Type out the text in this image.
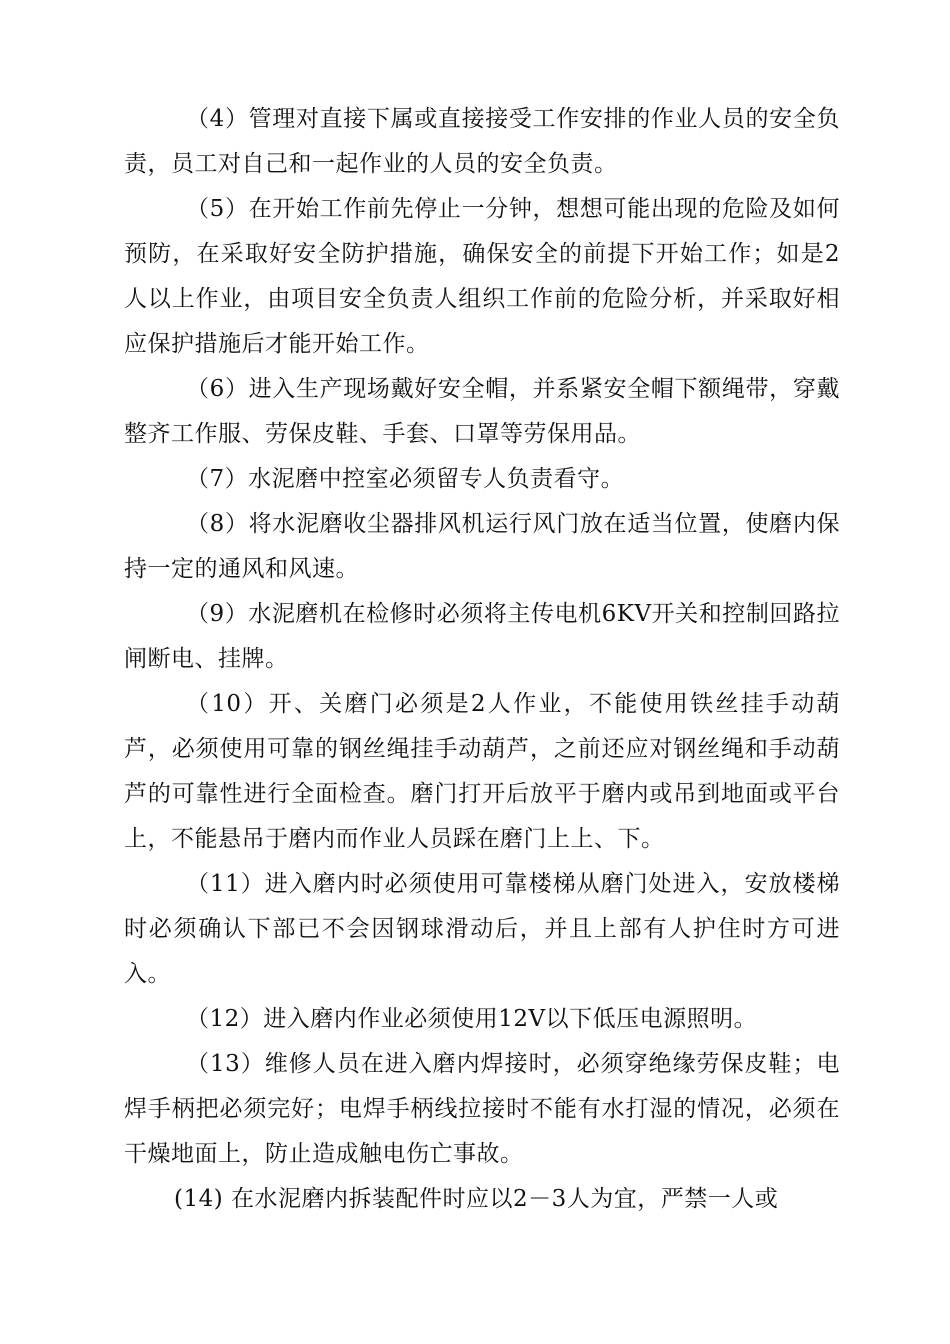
（4）管理对直接下属或直接接受工作安排的作业人员的安全负责，员工对自己和一起作业的人员的安全负责。

（5）在开始工作前先停止一分钟，想想可能出现的危险及如何预防，在采取好安全防护措施，确保安全的前提下开始工作；如是2人以上作业，由项目安全负责人组织工作前的危险分析，并采取好相应保护措施后才能开始工作。

（6）进入生产现场戴好安全帽，并系紧安全帽下额绳带，穿戴整齐工作服、劳保皮鞋、手套、口罩等劳保用品。

（7）水泥磨中控室必须留专人负责看守。

（8）将水泥磨收尘器排风机运行风门放在适当位置，使磨内保持一定的通风和风速。

（9）水泥磨机在检修时必须将主传电机6KV开关和控制回路拉闸断电、挂牌。

（10）开、关磨门必须是2人作业，不能使用铁丝挂手动葫芦，必须使用可靠的钢丝绳挂手动葫芦，之前还应对钢丝绳和手动葫芦的可靠性进行全面检查。磨门打开后放平于磨内或吊到地面或平台上，不能悬吊于磨内而作业人员踩在磨门上上、下。

（11）进入磨内时必须使用可靠楼梯从磨门处进入，安放楼梯时必须确认下部已不会因钢球滑动后，并且上部有人护住时方可进入。

（12）进入磨内作业必须使用12V以下低压电源照明。

（13）维修人员在进入磨内焊接时，必须穿绝缘劳保皮鞋；电焊手柄把必须完好；电焊手柄线拉接时不能有水打湿的情况，必须在干燥地面上，防止造成触电伤亡事故。

(14) 在水泥磨内拆装配件时应以2－3人为宜，严禁一人或
